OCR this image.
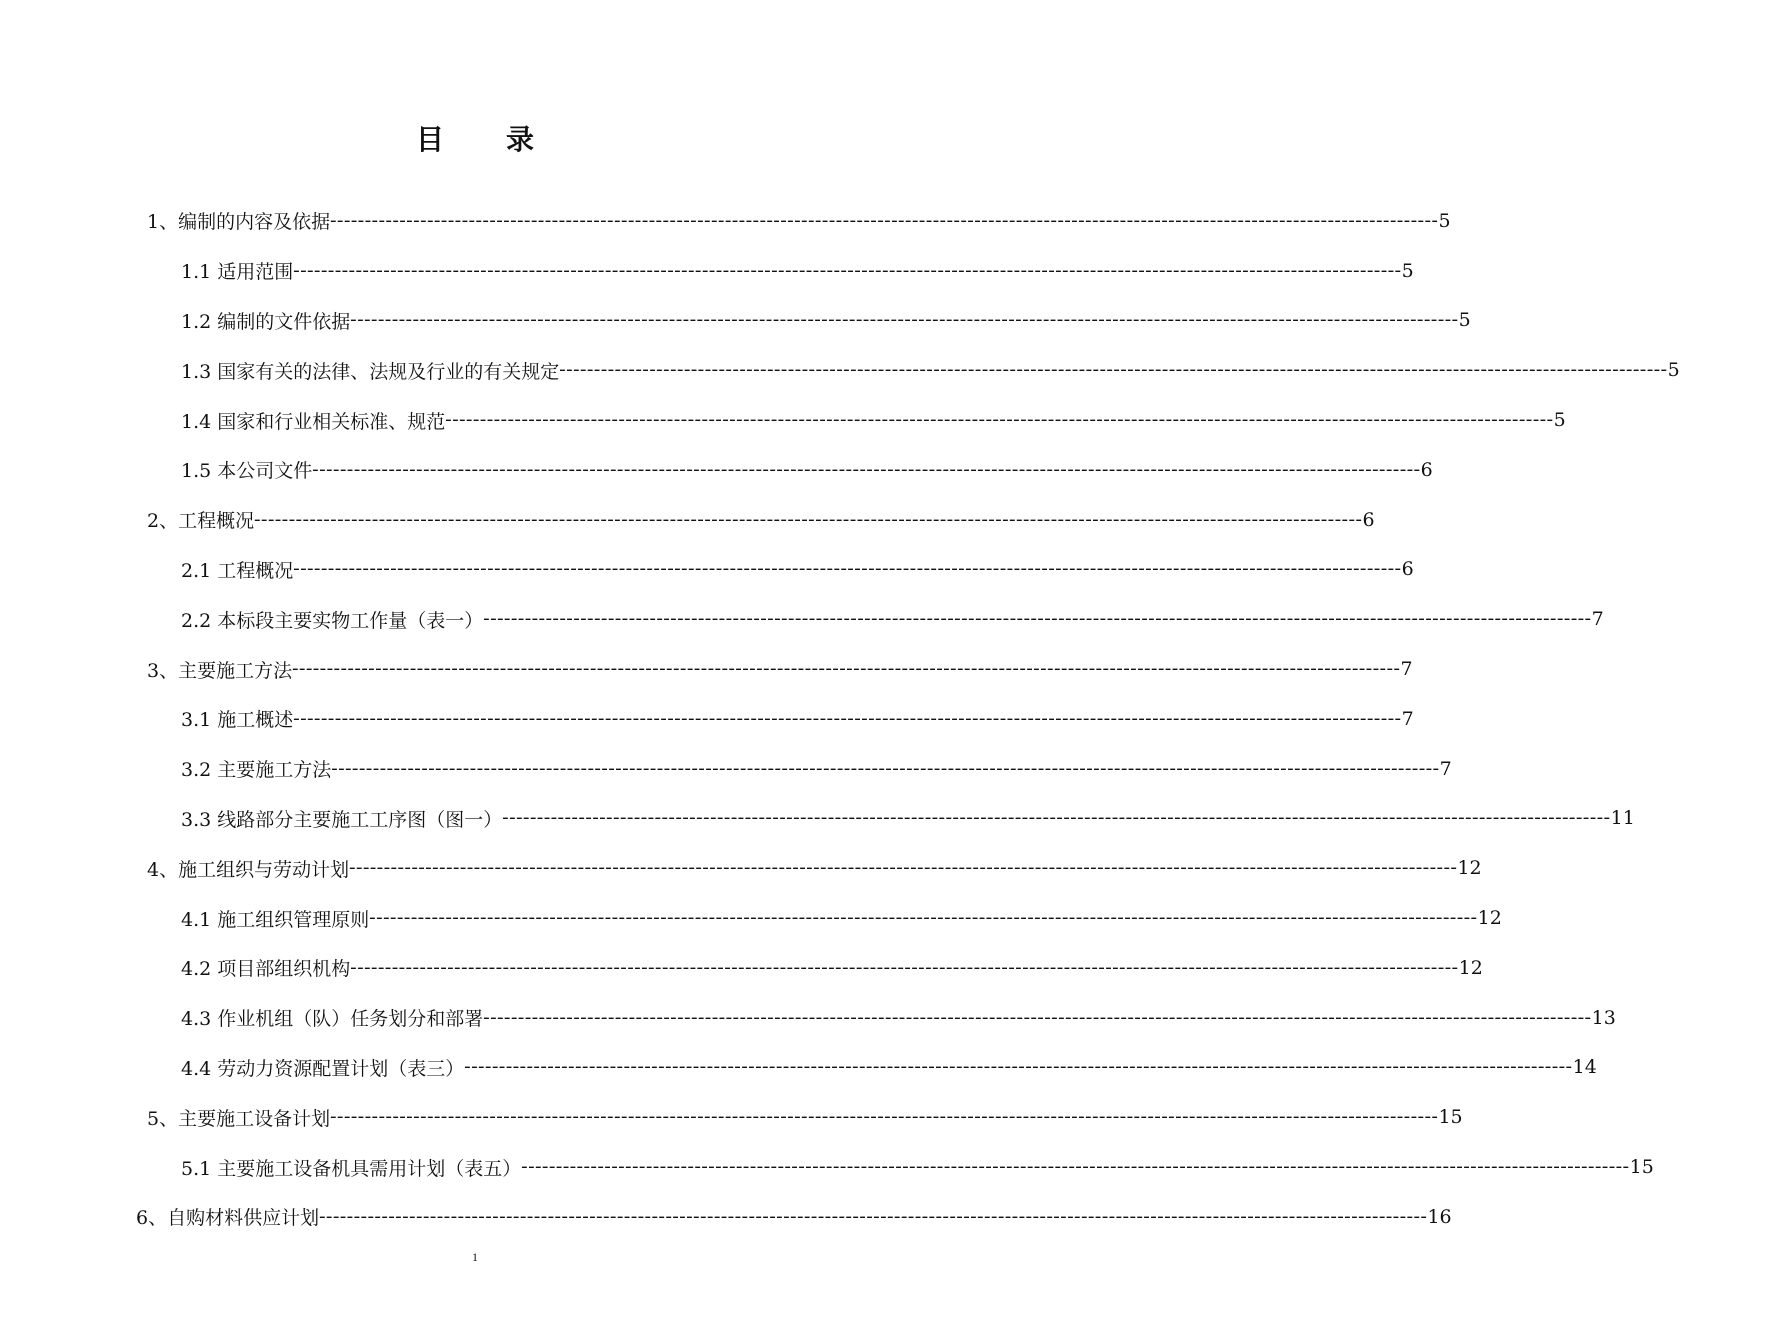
目 录
1、编制的内容及依据 ---------------------------------------------------------------------------------------------------------------------------------------------------------------- 5
1.1 适用范围 ---------------------------------------------------------------------------------------------------------------------------------------------------------------- 5
1.2 编制的文件依据 ---------------------------------------------------------------------------------------------------------------------------------------------------------------- 5
1.3 国家有关的法律、法规及行业的有关规定 ---------------------------------------------------------------------------------------------------------------------------------------------------------------- 5
1.4 国家和行业相关标准、规范 ---------------------------------------------------------------------------------------------------------------------------------------------------------------- 5
1.5 本公司文件 ---------------------------------------------------------------------------------------------------------------------------------------------------------------- 6
2、工程概况 ---------------------------------------------------------------------------------------------------------------------------------------------------------------- 6
2.1 工程概况 ---------------------------------------------------------------------------------------------------------------------------------------------------------------- 6
2.2 本标段主要实物工作量（表一） ---------------------------------------------------------------------------------------------------------------------------------------------------------------- 7
3、主要施工方法 ---------------------------------------------------------------------------------------------------------------------------------------------------------------- 7
3.1 施工概述 ---------------------------------------------------------------------------------------------------------------------------------------------------------------- 7
3.2 主要施工方法 ---------------------------------------------------------------------------------------------------------------------------------------------------------------- 7
3.3 线路部分主要施工工序图（图一） ---------------------------------------------------------------------------------------------------------------------------------------------------------------- 11
4、施工组织与劳动计划 ---------------------------------------------------------------------------------------------------------------------------------------------------------------- 12
4.1 施工组织管理原则 ---------------------------------------------------------------------------------------------------------------------------------------------------------------- 12
4.2 项目部组织机构 ---------------------------------------------------------------------------------------------------------------------------------------------------------------- 12
4.3 作业机组（队）任务划分和部署 ---------------------------------------------------------------------------------------------------------------------------------------------------------------- 13
4.4 劳动力资源配置计划（表三） ---------------------------------------------------------------------------------------------------------------------------------------------------------------- 14
5、主要施工设备计划 ---------------------------------------------------------------------------------------------------------------------------------------------------------------- 15
5.1 主要施工设备机具需用计划（表五） ---------------------------------------------------------------------------------------------------------------------------------------------------------------- 15
6、自购材料供应计划 ---------------------------------------------------------------------------------------------------------------------------------------------------------------- 16
1
